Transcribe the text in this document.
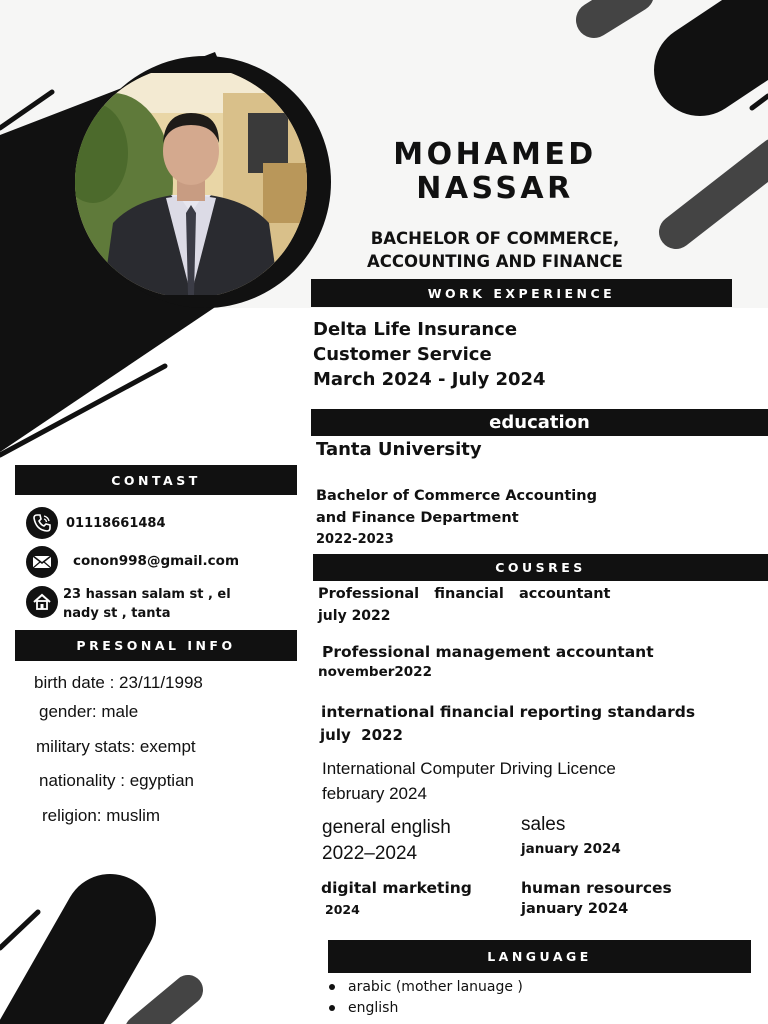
MOHAMED
NASSAR
BACHELOR OF COMMERCE,
ACCOUNTING AND FINANCE
WORK EXPERIENCE
Delta Life Insurance
Customer Service
March 2024 - July 2024
education
Tanta University
Bachelor of Commerce Accounting
and Finance Department
2022-2023
COUSRES
Professional   financial   accountant
july 2022
Professional management accountant
november2022
international financial reporting standards
july  2022
International Computer Driving Licence
february 2024
general english
2022–2024
sales
january 2024
digital marketing
2024
human resources
january 2024
LANGUAGE
arabic (mother lanuage )
english
CONTAST
01118661484
conon998@gmail.com
23 hassan salam st , el
nady st , tanta
PRESONAL INFO
birth date : 23/11/1998
gender: male
military stats: exempt
nationality : egyptian
religion: muslim
